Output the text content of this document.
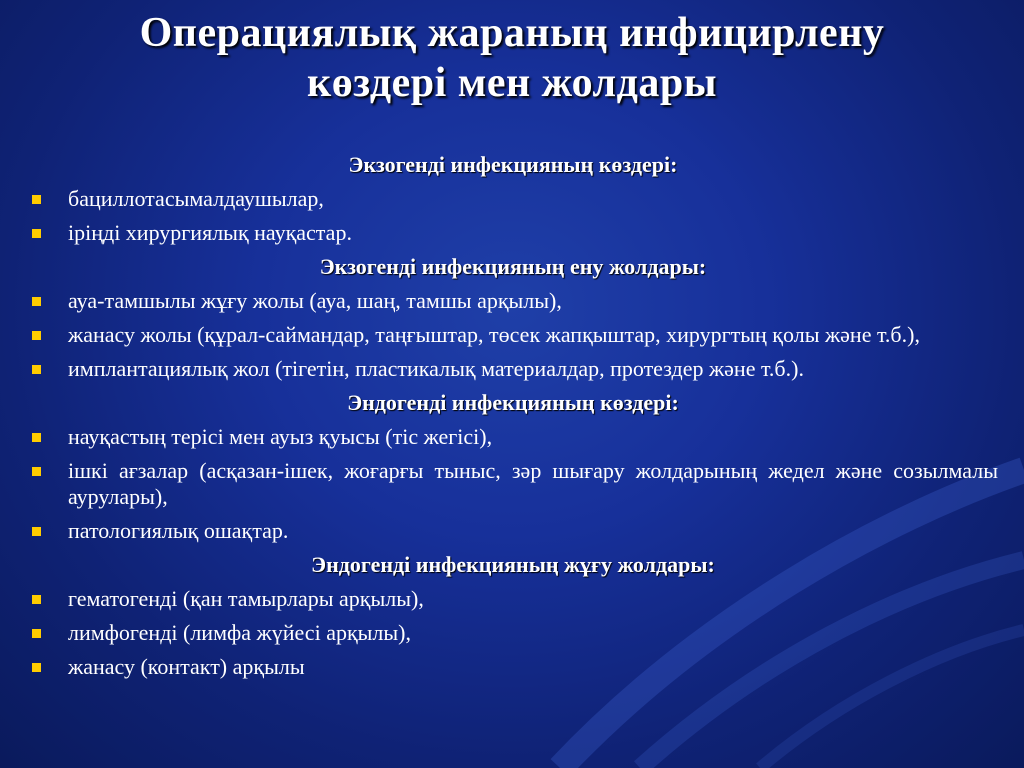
Операциялық жараның инфицирлену
көздері мен жолдары
Экзогенді инфекцияның көздері:
бациллотасымалдаушылар,
іріңді хирургиялық науқастар.
Экзогенді инфекцияның ену жолдары:
ауа-тамшылы жұғу жолы (ауа, шаң, тамшы арқылы),
жанасу жолы (құрал-саймандар, таңғыштар, төсек жапқыштар, хирургтың қолы және т.б.),
имплантациялық жол (тігетін, пластикалық материалдар, протездер және т.б.).
Эндогенді инфекцияның көздері:
науқастың терісі мен ауыз қуысы (тіс жегісі),
ішкі ағзалар (асқазан-ішек, жоғарғы тыныс, зәр шығару жолдарының жедел және созылмалы аурулары),
патологиялық ошақтар.
Эндогенді инфекцияның жұғу жолдары:
гематогенді (қан тамырлары арқылы),
лимфогенді (лимфа жүйесі арқылы),
жанасу (контакт) арқылы
